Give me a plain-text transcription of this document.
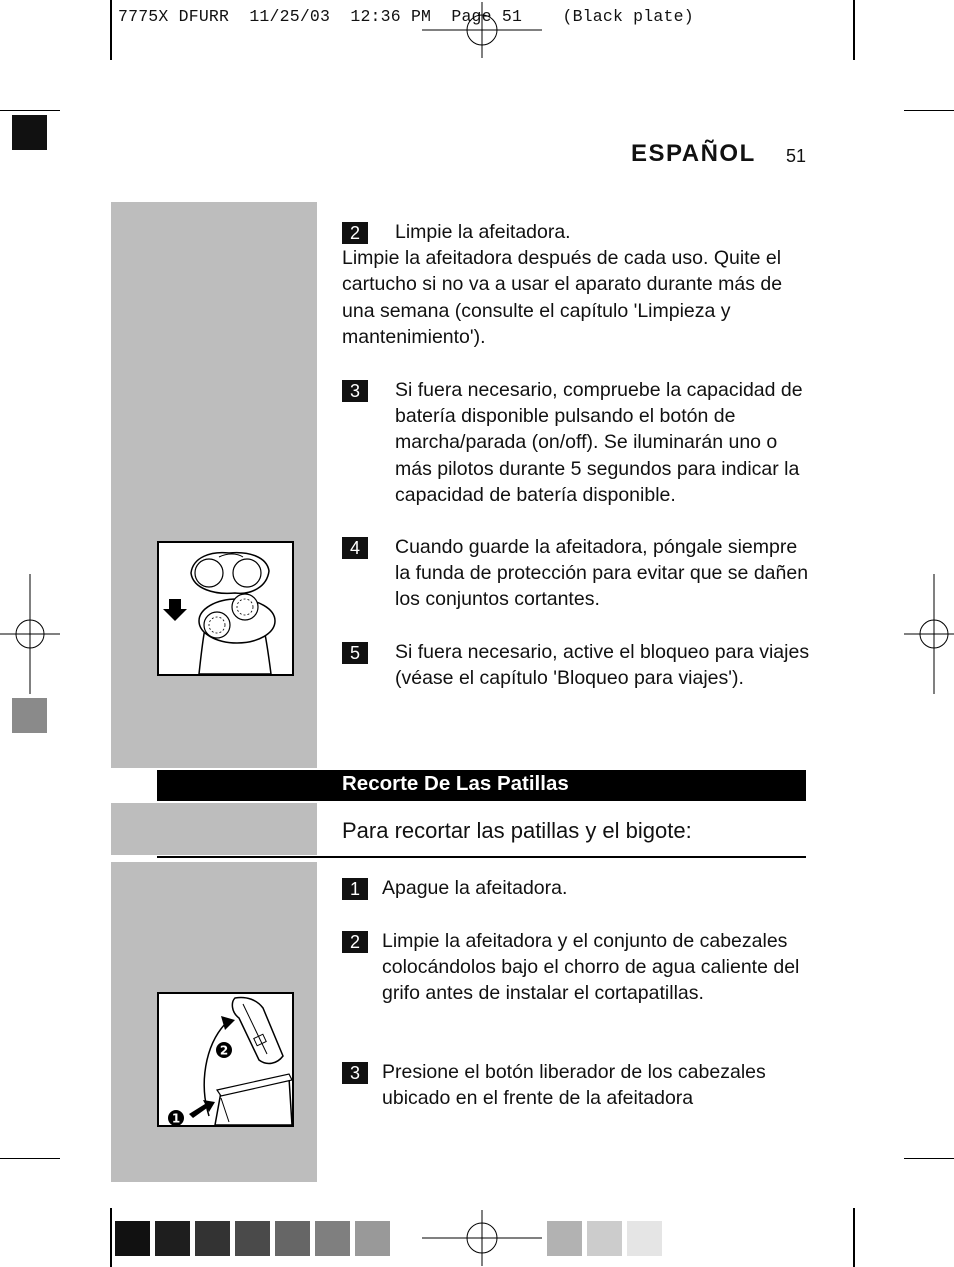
7775X DFURR  11/25/03  12:36 PM  Page 51    (Black plate)
ESPAÑOL 51
2	Limpie la afeitadora.
Limpie la afeitadora después de cada uso. Quite el cartucho si no va a usar el aparato durante más de una semana (consulte el capítulo 'Limpieza y mantenimiento').
3	Si fuera necesario, compruebe la capacidad de batería disponible pulsando el botón de marcha/parada (on/off). Se iluminarán uno o más pilotos durante 5 segundos para indicar la capacidad de batería disponible.
4	Cuando guarde la afeitadora, póngale siempre la funda de protección para evitar que se dañen los conjuntos cortantes.
5	Si fuera necesario, active el bloqueo para viajes (véase el capítulo 'Bloqueo para viajes').
Recorte De Las Patillas
Para recortar las patillas y el bigote:
1	Apague la afeitadora.
2	Limpie la afeitadora y el conjunto de cabezales colocándolos bajo el chorro de agua caliente del grifo antes de instalar el cortapatillas.
3	Presione el botón liberador de los cabezales ubicado en el frente de la afeitadora
1
2
